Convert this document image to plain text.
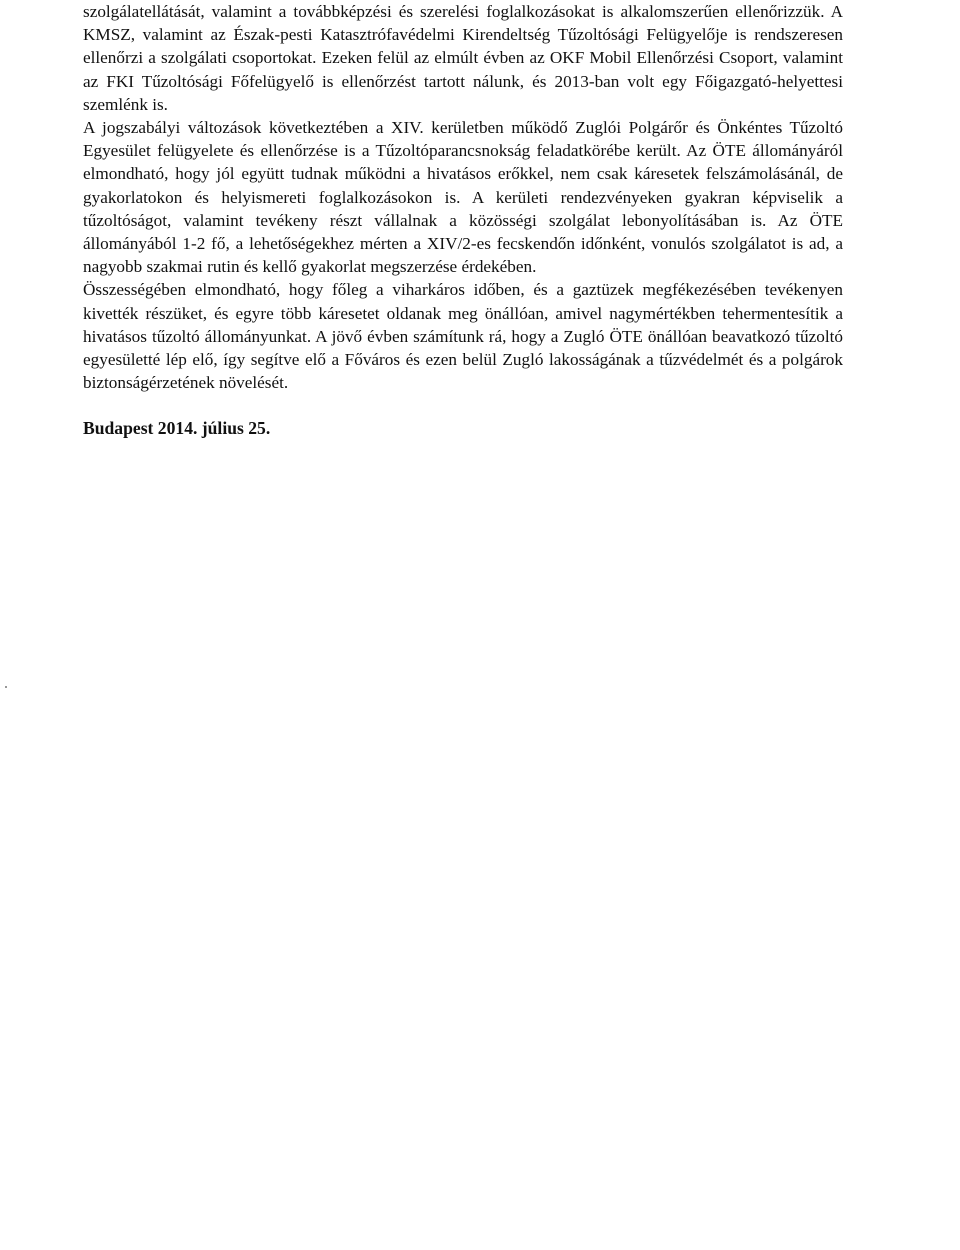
szolgálatellátását, valamint a továbbképzési és szerelési foglalkozásokat is alkalomszerűen ellenőrizzük. A KMSZ, valamint az Észak-pesti Katasztrófavédelmi Kirendeltség Tűzoltósági Felügyelője is rendszeresen ellenőrzi a szolgálati csoportokat. Ezeken felül az elmúlt évben az OKF Mobil Ellenőrzési Csoport, valamint az FKI Tűzoltósági Főfelügyelő is ellenőrzést tartott nálunk, és 2013-ban volt egy Főigazgató-helyettesi szemlénk is.

A jogszabályi változások következtében a XIV. kerületben működő Zuglói Polgárőr és Önkéntes Tűzoltó Egyesület felügyelete és ellenőrzése is a Tűzoltóparancsnokság feladatkörébe került. Az ÖTE állományáról elmondható, hogy jól együtt tudnak működni a hivatásos erőkkel, nem csak káresetek felszámolásánál, de gyakorlatokon és helyismereti foglalkozásokon is. A kerületi rendezvényeken gyakran képviselik a tűzoltóságot, valamint tevékeny részt vállalnak a közösségi szolgálat lebonyolításában is. Az ÖTE állományából 1-2 fő, a lehetőségekhez mérten a XIV/2-es fecskendőn időnként, vonulós szolgálatot is ad, a nagyobb szakmai rutin és kellő gyakorlat megszerzése érdekében.

Összességében elmondható, hogy főleg a viharkáros időben, és a gaztüzek megfékezésében tevékenyen kivették részüket, és egyre több káresetet oldanak meg önállóan, amivel nagymértékben tehermentesítik a hivatásos tűzoltó állományunkat. A jövő évben számítunk rá, hogy a Zugló ÖTE önállóan beavatkozó tűzoltó egyesületté lép elő, így segítve elő a Főváros és ezen belül Zugló lakosságának a tűzvédelmét és a polgárok biztonságérzetének növelését.

Budapest 2014. július 25.
